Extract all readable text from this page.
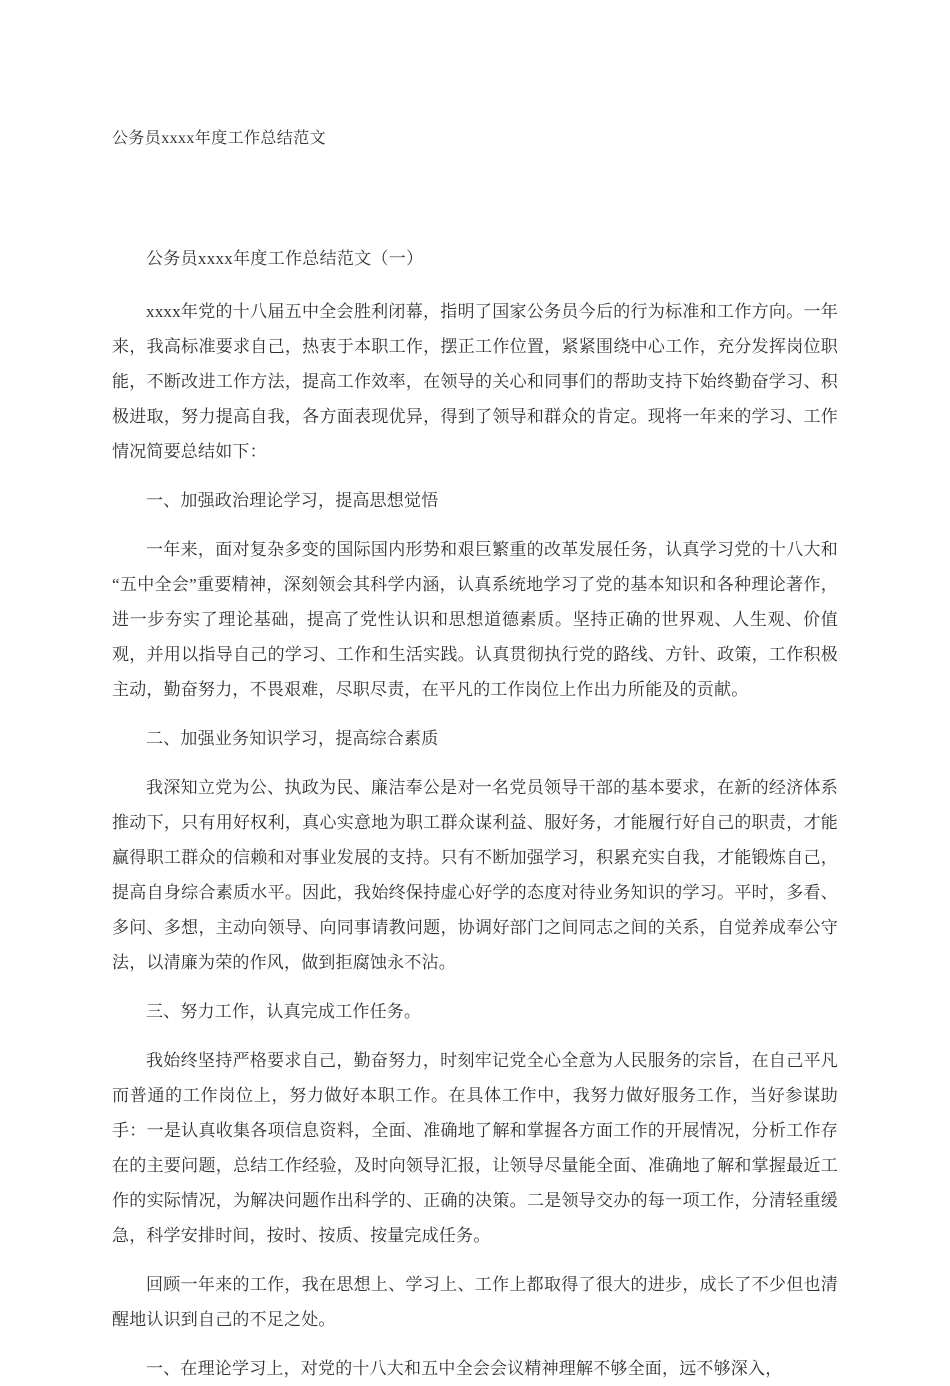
公务员xxxx年度工作总结范文
公务员xxxx年度工作总结范文（一）

xxxx年党的十八届五中全会胜利闭幕，指明了国家公务员今后的行为标准和工作方向。一年来，我高标准要求自己，热衷于本职工作，摆正工作位置，紧紧围绕中心工作，充分发挥岗位职能，不断改进工作方法，提高工作效率，在领导的关心和同事们的帮助支持下始终勤奋学习、积极进取，努力提高自我，各方面表现优异，得到了领导和群众的肯定。现将一年来的学习、工作情况简要总结如下：

一、加强政治理论学习，提高思想觉悟

一年来，面对复杂多变的国际国内形势和艰巨繁重的改革发展任务，认真学习党的十八大和“五中全会”重要精神，深刻领会其科学内涵，认真系统地学习了党的基本知识和各种理论著作，进一步夯实了理论基础，提高了党性认识和思想道德素质。坚持正确的世界观、人生观、价值观，并用以指导自己的学习、工作和生活实践。认真贯彻执行党的路线、方针、政策，工作积极主动，勤奋努力，不畏艰难，尽职尽责，在平凡的工作岗位上作出力所能及的贡献。

二、加强业务知识学习，提高综合素质

我深知立党为公、执政为民、廉洁奉公是对一名党员领导干部的基本要求，在新的经济体系推动下，只有用好权利，真心实意地为职工群众谋利益、服好务，才能履行好自己的职责，才能赢得职工群众的信赖和对事业发展的支持。只有不断加强学习，积累充实自我，才能锻炼自己，提高自身综合素质水平。因此，我始终保持虚心好学的态度对待业务知识的学习。平时，多看、多问、多想，主动向领导、向同事请教问题，协调好部门之间同志之间的关系，自觉养成奉公守法，以清廉为荣的作风，做到拒腐蚀永不沾。

三、努力工作，认真完成工作任务。

我始终坚持严格要求自己，勤奋努力，时刻牢记党全心全意为人民服务的宗旨，在自己平凡而普通的工作岗位上，努力做好本职工作。在具体工作中，我努力做好服务工作，当好参谋助手：一是认真收集各项信息资料，全面、准确地了解和掌握各方面工作的开展情况，分析工作存在的主要问题，总结工作经验，及时向领导汇报，让领导尽量能全面、准确地了解和掌握最近工作的实际情况，为解决问题作出科学的、正确的决策。二是领导交办的每一项工作，分清轻重缓急，科学安排时间，按时、按质、按量完成任务。

回顾一年来的工作，我在思想上、学习上、工作上都取得了很大的进步，成长了不少但也清醒地认识到自己的不足之处。

一、在理论学习上，对党的十八大和五中全会会议精神理解不够全面，远不够深入，
